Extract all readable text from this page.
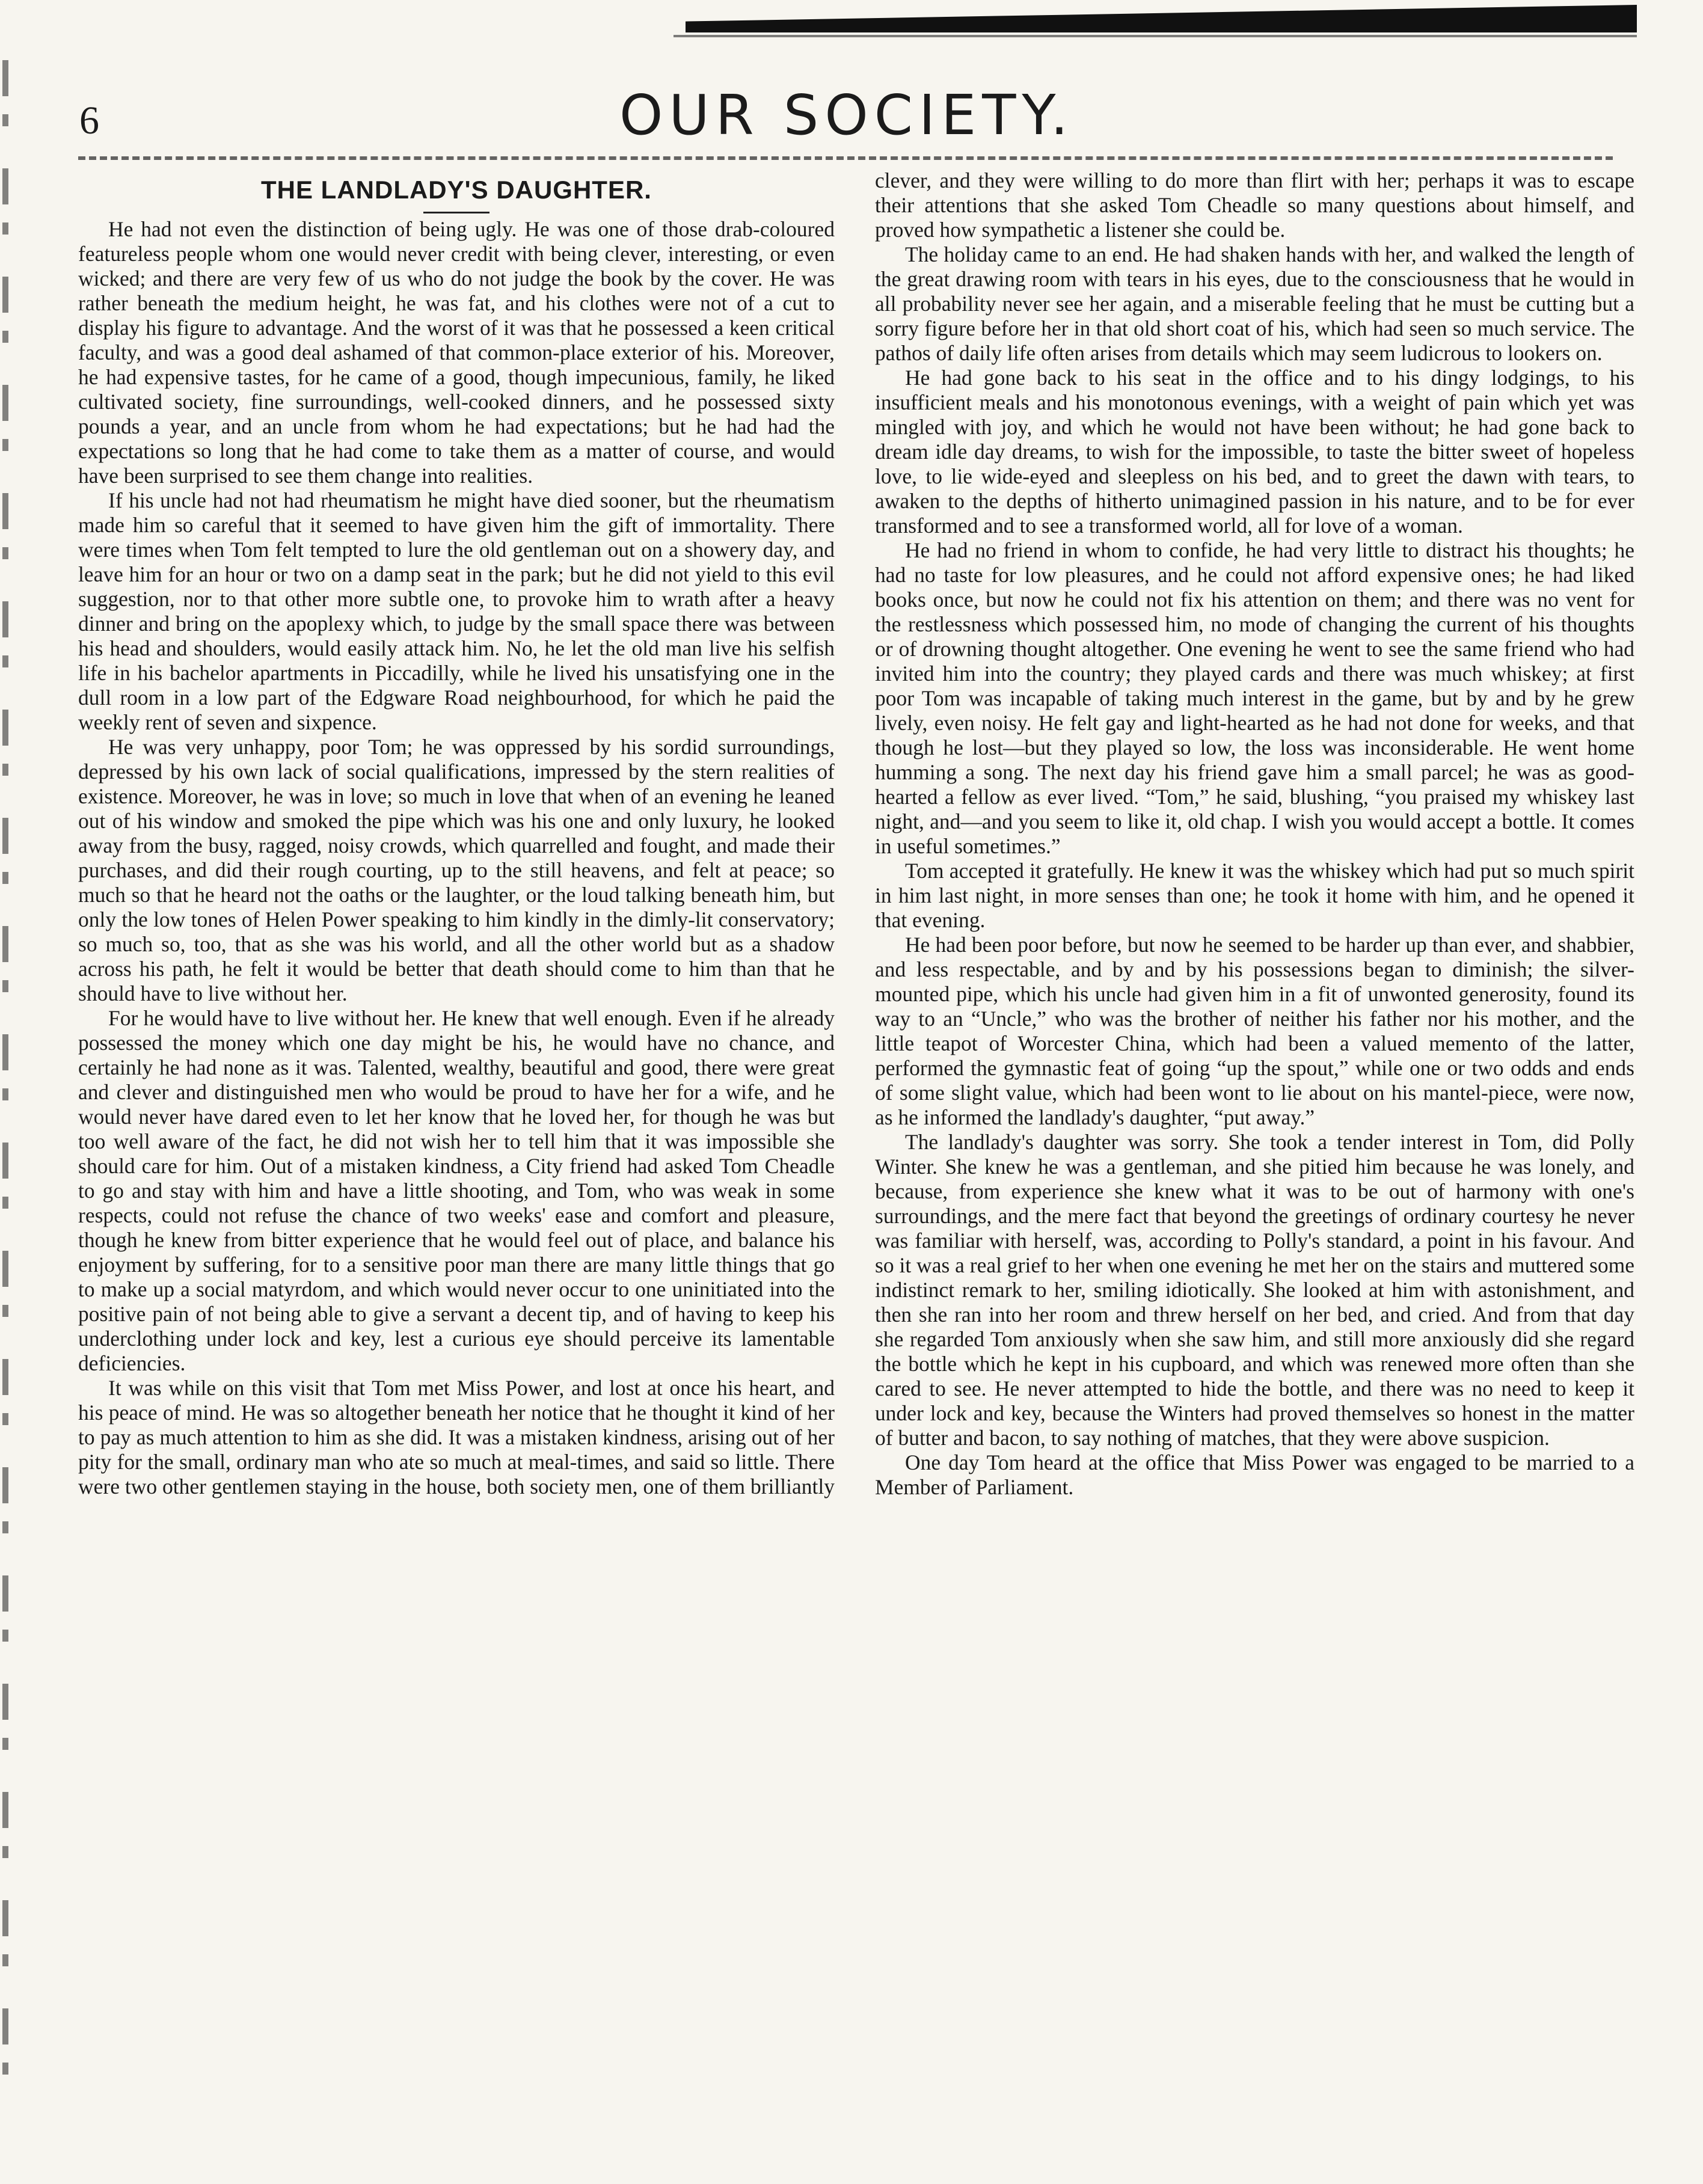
6	OUR SOCIETY.
THE LANDLADY'S DAUGHTER.

He had not even the distinction of being ugly. He was one of those drab-coloured featureless people whom one would never credit with being clever, interesting, or even wicked; and there are very few of us who do not judge the book by the cover. He was rather beneath the medium height, he was fat, and his clothes were not of a cut to display his figure to advantage. And the worst of it was that he possessed a keen critical faculty, and was a good deal ashamed of that common-place exterior of his. Moreover, he had expensive tastes, for he came of a good, though impecunious, family, he liked cultivated society, fine surroundings, well-cooked dinners, and he possessed sixty pounds a year, and an uncle from whom he had expectations; but he had had the expectations so long that he had come to take them as a matter of course, and would have been surprised to see them change into realities.

If his uncle had not had rheumatism he might have died sooner, but the rheumatism made him so careful that it seemed to have given him the gift of immortality. There were times when Tom felt tempted to lure the old gentleman out on a showery day, and leave him for an hour or two on a damp seat in the park; but he did not yield to this evil suggestion, nor to that other more subtle one, to provoke him to wrath after a heavy dinner and bring on the apoplexy which, to judge by the small space there was between his head and shoulders, would easily attack him. No, he let the old man live his selfish life in his bachelor apartments in Piccadilly, while he lived his unsatisfying one in the dull room in a low part of the Edgware Road neighbourhood, for which he paid the weekly rent of seven and sixpence.

He was very unhappy, poor Tom; he was oppressed by his sordid surroundings, depressed by his own lack of social qualifications, impressed by the stern realities of existence. Moreover, he was in love; so much in love that when of an evening he leaned out of his window and smoked the pipe which was his one and only luxury, he looked away from the busy, ragged, noisy crowds, which quarrelled and fought, and made their purchases, and did their rough courting, up to the still heavens, and felt at peace; so much so that he heard not the oaths or the laughter, or the loud talking beneath him, but only the low tones of Helen Power speaking to him kindly in the dimly-lit conservatory; so much so, too, that as she was his world, and all the other world but as a shadow across his path, he felt it would be better that death should come to him than that he should have to live without her.

For he would have to live without her. He knew that well enough. Even if he already possessed the money which one day might be his, he would have no chance, and certainly he had none as it was. Talented, wealthy, beautiful and good, there were great and clever and distinguished men who would be proud to have her for a wife, and he would never have dared even to let her know that he loved her, for though he was but too well aware of the fact, he did not wish her to tell him that it was impossible she should care for him. Out of a mistaken kindness, a City friend had asked Tom Cheadle to go and stay with him and have a little shooting, and Tom, who was weak in some respects, could not refuse the chance of two weeks' ease and comfort and pleasure, though he knew from bitter experience that he would feel out of place, and balance his enjoyment by suffering, for to a sensitive poor man there are many little things that go to make up a social matyrdom, and which would never occur to one uninitiated into the positive pain of not being able to give a servant a decent tip, and of having to keep his underclothing under lock and key, lest a curious eye should perceive its lamentable deficiencies.

It was while on this visit that Tom met Miss Power, and lost at once his heart, and his peace of mind. He was so altogether beneath her notice that he thought it kind of her to pay as much attention to him as she did. It was a mistaken kindness, arising out of her pity for the small, ordinary man who ate so much at meal-times, and said so little. There were two other gentlemen staying in the house, both society men, one of them brilliantly

clever, and they were willing to do more than flirt with her; perhaps it was to escape their attentions that she asked Tom Cheadle so many questions about himself, and proved how sympathetic a listener she could be.

The holiday came to an end. He had shaken hands with her, and walked the length of the great drawing room with tears in his eyes, due to the consciousness that he would in all probability never see her again, and a miserable feeling that he must be cutting but a sorry figure before her in that old short coat of his, which had seen so much service. The pathos of daily life often arises from details which may seem ludicrous to lookers on.

He had gone back to his seat in the office and to his dingy lodgings, to his insufficient meals and his monotonous evenings, with a weight of pain which yet was mingled with joy, and which he would not have been without; he had gone back to dream idle day dreams, to wish for the impossible, to taste the bitter sweet of hopeless love, to lie wide-eyed and sleepless on his bed, and to greet the dawn with tears, to awaken to the depths of hitherto unimagined passion in his nature, and to be for ever transformed and to see a transformed world, all for love of a woman.

He had no friend in whom to confide, he had very little to distract his thoughts; he had no taste for low pleasures, and he could not afford expensive ones; he had liked books once, but now he could not fix his attention on them; and there was no vent for the restlessness which possessed him, no mode of changing the current of his thoughts or of drowning thought altogether. One evening he went to see the same friend who had invited him into the country; they played cards and there was much whiskey; at first poor Tom was incapable of taking much interest in the game, but by and by he grew lively, even noisy. He felt gay and light-hearted as he had not done for weeks, and that though he lost—but they played so low, the loss was inconsiderable. He went home humming a song. The next day his friend gave him a small parcel; he was as good-hearted a fellow as ever lived. “Tom,” he said, blushing, “you praised my whiskey last night, and—and you seem to like it, old chap. I wish you would accept a bottle. It comes in useful sometimes.”

Tom accepted it gratefully. He knew it was the whiskey which had put so much spirit in him last night, in more senses than one; he took it home with him, and he opened it that evening.

He had been poor before, but now he seemed to be harder up than ever, and shabbier, and less respectable, and by and by his possessions began to diminish; the silver-mounted pipe, which his uncle had given him in a fit of unwonted generosity, found its way to an “Uncle,” who was the brother of neither his father nor his mother, and the little teapot of Worcester China, which had been a valued memento of the latter, performed the gymnastic feat of going “up the spout,” while one or two odds and ends of some slight value, which had been wont to lie about on his mantel-piece, were now, as he informed the landlady's daughter, “put away.”

The landlady's daughter was sorry. She took a tender interest in Tom, did Polly Winter. She knew he was a gentleman, and she pitied him because he was lonely, and because, from experience she knew what it was to be out of harmony with one's surroundings, and the mere fact that beyond the greetings of ordinary courtesy he never was familiar with herself, was, according to Polly's standard, a point in his favour. And so it was a real grief to her when one evening he met her on the stairs and muttered some indistinct remark to her, smiling idiotically. She looked at him with astonishment, and then she ran into her room and threw herself on her bed, and cried. And from that day she regarded Tom anxiously when she saw him, and still more anxiously did she regard the bottle which he kept in his cupboard, and which was renewed more often than she cared to see. He never attempted to hide the bottle, and there was no need to keep it under lock and key, because the Winters had proved themselves so honest in the matter of butter and bacon, to say nothing of matches, that they were above suspicion.

One day Tom heard at the office that Miss Power was engaged to be married to a Member of Parliament.
